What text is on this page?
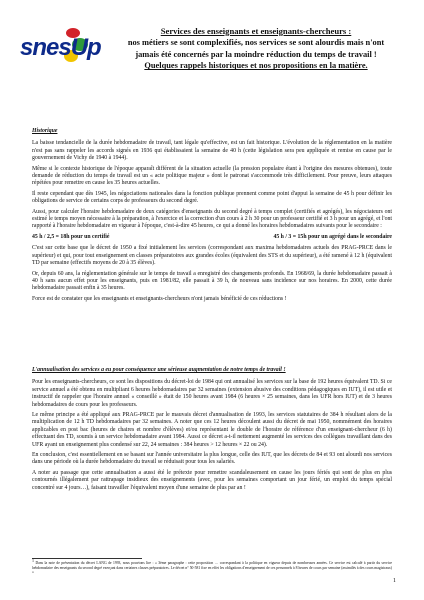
snesUp
Services des enseignants et enseignants-chercheurs :
nos métiers se sont complexifiés, nos services se sont alourdis mais n'ont
jamais été concernés par la moindre réduction du temps de travail !
Quelques rappels historiques et nos propositions en la matière.
Historique

La baisse tendancielle de la durée hebdomadaire de travail, tant légale qu'effective, est un fait historique. L'évolution de la réglementation en la matière n'est pas sans rappeler les accords signés en 1936 qui établissaient la semaine de 40 h (cette législation sera peu appliquée et remise en cause par le gouvernement de Vichy de 1940 à 1944).

Même si le contexte historique de l'époque apparaît différent de la situation actuelle (la pression populaire étant à l'origine des mesures obtenues), toute demande de réduction du temps de travail est un « acte politique majeur » dont le patronat s'accommode très difficilement. Pour preuve, leurs attaques répétées pour remettre en cause les 35 heures actuelles.

Il reste cependant que dès 1945, les négociations nationales dans la fonction publique prennent comme point d'appui la semaine de 45 h pour définir les obligations de service de certains corps de professeurs du second degré.

Aussi, pour calculer l'horaire hebdomadaire de deux catégories d'enseignants du second degré à temps complet (certifiés et agrégés), les négociateurs ont estimé le temps moyen nécessaire à la préparation, à l'exercice et la correction d'un cours à 2 h 30 pour un professeur certifié et 3 h pour un agrégé, et l'ont rapporté à l'horaire hebdomadaire en vigueur à l'époque, c'est-à-dire 45 heures, ce qui a donné les horaires hebdomadaires suivants pour le secondaire :

45 h / 2,5 = 18h pour un certifié	45 h / 3 = 15h pour un agrégé dans le secondaire

C'est sur cette base que le décret de 1950 a fixé initialement les services (correspondant aux maxima hebdomadaires actuels des PRAG-PRCE dans le supérieur) et qui, pour tout enseignement en classes préparatoires aux grandes écoles (équivalent des STS et du supérieur), a été ramené à 12 h (équivalent TD par semaine (effectifs moyens de 20 à 35 élèves).

Or, depuis 60 ans, la réglementation générale sur le temps de travail a enregistré des changements profonds. En 1968/69, la durée hebdomadaire passait à 40 h sans aucun effet pour les enseignants, puis en 1981/82, elle passait à 39 h, de nouveau sans incidence sur nos horaires. En 2000, cette durée hebdomadaire passait enfin à 35 heures.

Force est de constater que les enseignants et enseignants-chercheurs n'ont jamais bénéficié de ces réductions !

L'annualisation des services a eu pour conséquence une sérieuse augmentation de notre temps de travail !

Pour les enseignants-chercheurs, ce sont les dispositions du décret-loi de 1984 qui ont annualisé les services sur la base de 192 heures équivalent TD. Si ce service annuel a été obtenu en multipliant 6 heures hebdomadaires par 32 semaines (extension abusive des conditions pédagogiques en IUT), il est utile et instructif de rappeler que l'horaire annuel « conseillé » était de 150 heures avant 1984 (6 heures × 25 semaines, dans les UFR hors IUT) et de 3 heures hebdomadaires de cours pour les professeurs.

Le même principe a été appliqué aux PRAG-PRCE par le mauvais décret d'annualisation de 1993, les services statutaires de 384 h résultant alors de la multiplication de 12 h TD hebdomadaires par 32 semaines. A noter que ces 12 heures découlent aussi du décret de mai 1950, nommément des horaires applicables en post bac (heures de chaires et nombre d'élèves) et/ou représentant le double de l'horaire de référence d'un enseignant-chercheur (6 h) effectuant des TD, soumis à un service hebdomadaire avant 1984. Aussi ce décret a-t-il nettement augmenté les services des collègues travaillant dans des UFR ayant un enseignement plus condensé sur 22, 24 semaines : 384 heures > 12 heures × 22 ou 24).

En conclusion, c'est essentiellement en se basant sur l'année universitaire la plus longue, celle des IUT, que les décrets de 84 et 93 ont alourdi nos services dans une période où la durée hebdomadaire du travail se réduisait pour tous les salariés.

A noter au passage que cette annualisation a aussi été le prétexte pour remettre scandaleusement en cause les jours fériés qui sont de plus en plus contournés illégalement par rattrapage insidieux des enseignements (avec, pour les semaines comportant un jour férié, un emploi du temps spécial concentré sur 4 jours…), faisant travailler l'équivalent moyen d'une semaine de plus par an !

$^1$ Dans la note de présentation du décret LANG de 1993, nous pouvions lire : « 3ème paragraphe : cette proposition … correspondant à la politique en vigueur depuis de nombreuses années. Ce service est calculé à partir du service hebdomadaire des enseignants du second degré exerçant dans certaines classes préparatoires. Le décret n° 50-581 fixe en effet les obligations d'enseignement de ces personnels à 8 heures de cours par semaine (assimilés à des cours magistraux) »
1
